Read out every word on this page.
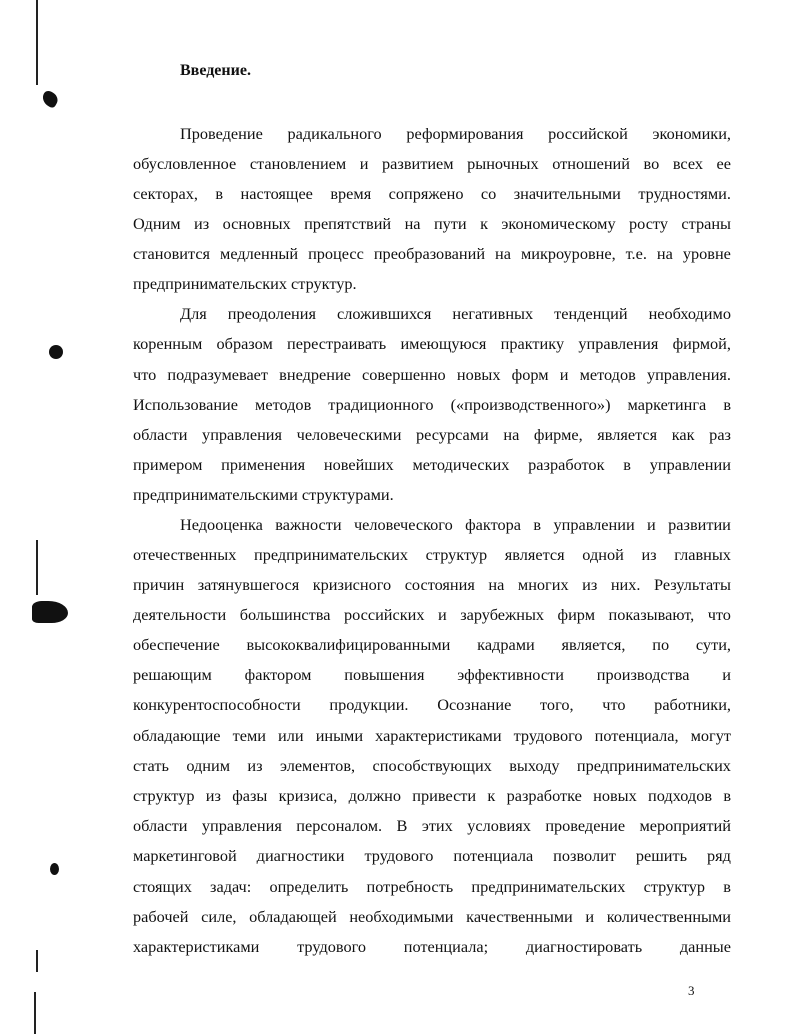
Введение.
Проведение радикального реформирования российской экономики,
обусловленное становлением и развитием рыночных отношений во всех ее
секторах, в настоящее время сопряжено со значительными трудностями.
Одним из основных препятствий на пути к экономическому росту страны
становится медленный процесс преобразований на микроуровне, т.е. на уровне
предпринимательских структур.
Для преодоления сложившихся негативных тенденций необходимо
коренным образом перестраивать имеющуюся практику управления фирмой,
что подразумевает внедрение совершенно новых форм и методов управления.
Использование методов традиционного («производственного») маркетинга в
области управления человеческими ресурсами на фирме, является как раз
примером применения новейших методических разработок в управлении
предпринимательскими структурами.
Недооценка важности человеческого фактора в управлении и развитии
отечественных предпринимательских структур является одной из главных
причин затянувшегося кризисного состояния на многих из них. Результаты
деятельности большинства российских и зарубежных фирм показывают, что
обеспечение высококвалифицированными кадрами является, по сути,
решающим фактором повышения эффективности производства и
конкурентоспособности продукции. Осознание того, что работники,
обладающие теми или иными характеристиками трудового потенциала, могут
стать одним из элементов, способствующих выходу предпринимательских
структур из фазы кризиса, должно привести к разработке новых подходов в
области управления персоналом. В этих условиях проведение мероприятий
маркетинговой диагностики трудового потенциала позволит решить ряд
стоящих задач: определить потребность предпринимательских структур в
рабочей силе, обладающей необходимыми качественными и количественными
характеристиками трудового потенциала; диагностировать данные
3
